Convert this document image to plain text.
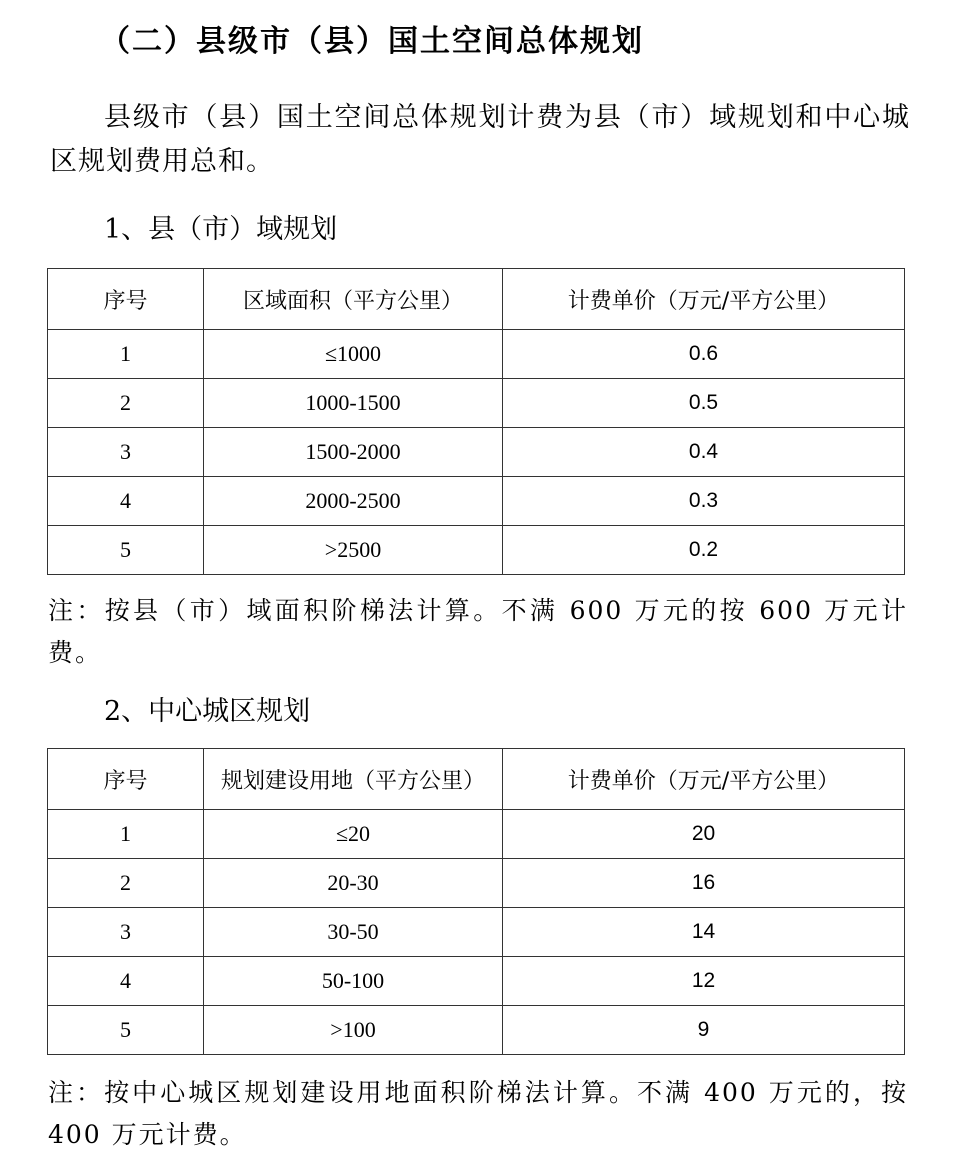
（二）县级市（县）国土空间总体规划

县级市（县）国土空间总体规划计费为县（市）域规划和中心城区规划费用总和。

1、县（市）域规划

序号	区域面积（平方公里）	计费单价（万元/平方公里）
1	≤1000	0.6
2	1000-1500	0.5
3	1500-2000	0.4
4	2000-2500	0.3
5	>2500	0.2

注：按县（市）域面积阶梯法计算。不满 600 万元的按 600 万元计费。

2、中心城区规划

序号	规划建设用地（平方公里）	计费单价（万元/平方公里）
1	≤20	20
2	20-30	16
3	30-50	14
4	50-100	12
5	>100	9

注：按中心城区规划建设用地面积阶梯法计算。不满 400 万元的，按 400 万元计费。
